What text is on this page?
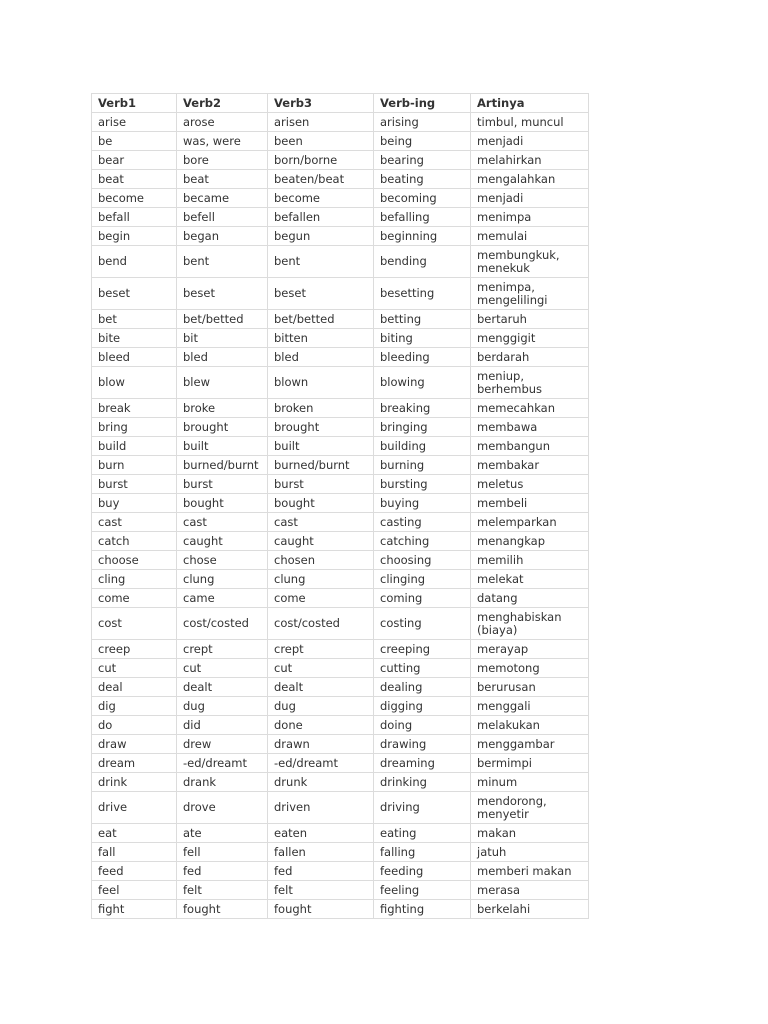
Verb1	Verb2	Verb3	Verb-ing	Artinya
arise	arose	arisen	arising	timbul, muncul
be	was, were	been	being	menjadi
bear	bore	born/borne	bearing	melahirkan
beat	beat	beaten/beat	beating	mengalahkan
become	became	become	becoming	menjadi
befall	befell	befallen	befalling	menimpa
begin	began	begun	beginning	memulai
bend	bent	bent	bending	membungkuk, menekuk
beset	beset	beset	besetting	menimpa, mengelilingi
bet	bet/betted	bet/betted	betting	bertaruh
bite	bit	bitten	biting	menggigit
bleed	bled	bled	bleeding	berdarah
blow	blew	blown	blowing	meniup, berhembus
break	broke	broken	breaking	memecahkan
bring	brought	brought	bringing	membawa
build	built	built	building	membangun
burn	burned/burnt	burned/burnt	burning	membakar
burst	burst	burst	bursting	meletus
buy	bought	bought	buying	membeli
cast	cast	cast	casting	melemparkan
catch	caught	caught	catching	menangkap
choose	chose	chosen	choosing	memilih
cling	clung	clung	clinging	melekat
come	came	come	coming	datang
cost	cost/costed	cost/costed	costing	menghabiskan (biaya)
creep	crept	crept	creeping	merayap
cut	cut	cut	cutting	memotong
deal	dealt	dealt	dealing	berurusan
dig	dug	dug	digging	menggali
do	did	done	doing	melakukan
draw	drew	drawn	drawing	menggambar
dream	-ed/dreamt	-ed/dreamt	dreaming	bermimpi
drink	drank	drunk	drinking	minum
drive	drove	driven	driving	mendorong, menyetir
eat	ate	eaten	eating	makan
fall	fell	fallen	falling	jatuh
feed	fed	fed	feeding	memberi makan
feel	felt	felt	feeling	merasa
fight	fought	fought	fighting	berkelahi
